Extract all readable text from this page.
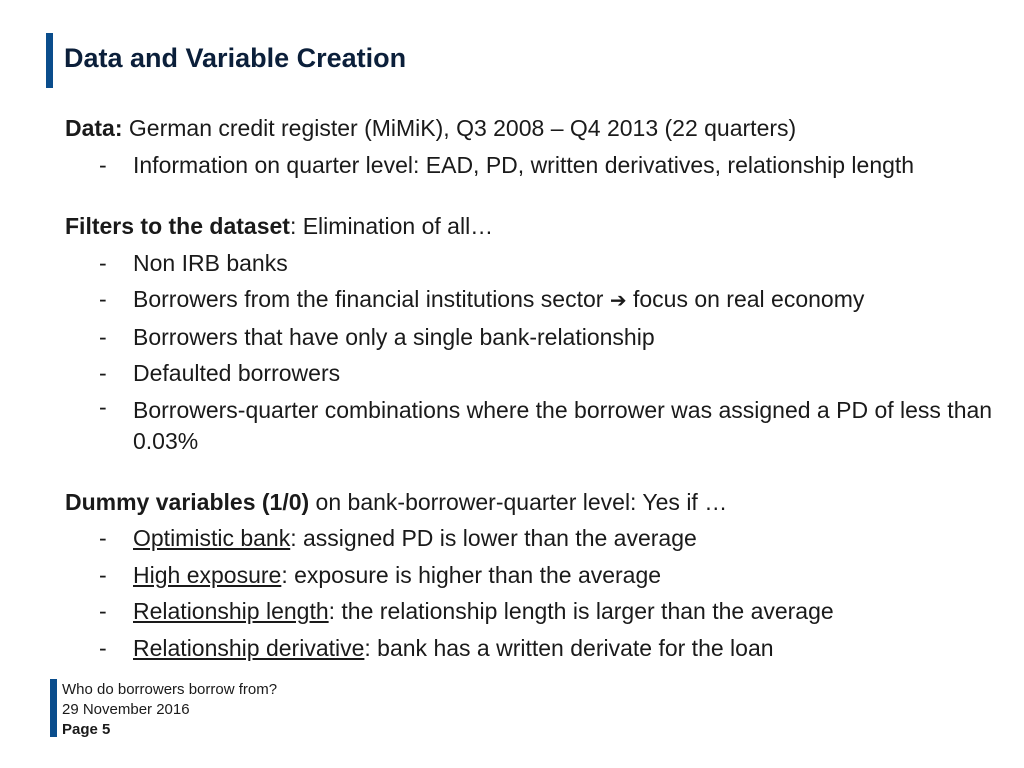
Data and Variable Creation
Data: German credit register (MiMiK), Q3 2008 – Q4 2013 (22 quarters)
- Information on quarter level: EAD, PD, written derivatives, relationship length
Filters to the dataset: Elimination of all…
- Non IRB banks
- Borrowers from the financial institutions sector ➔ focus on real economy
- Borrowers that have only a single bank-relationship
- Defaulted borrowers
- Borrowers-quarter combinations where the borrower was assigned a PD of less than 0.03%
Dummy variables (1/0) on bank-borrower-quarter level: Yes if …
- Optimistic bank: assigned PD is lower than the average
- High exposure: exposure is higher than the average
- Relationship length: the relationship length is larger than the average
- Relationship derivative: bank has a written derivate for the loan
Who do borrowers borrow from?
29 November 2016
Page 5
